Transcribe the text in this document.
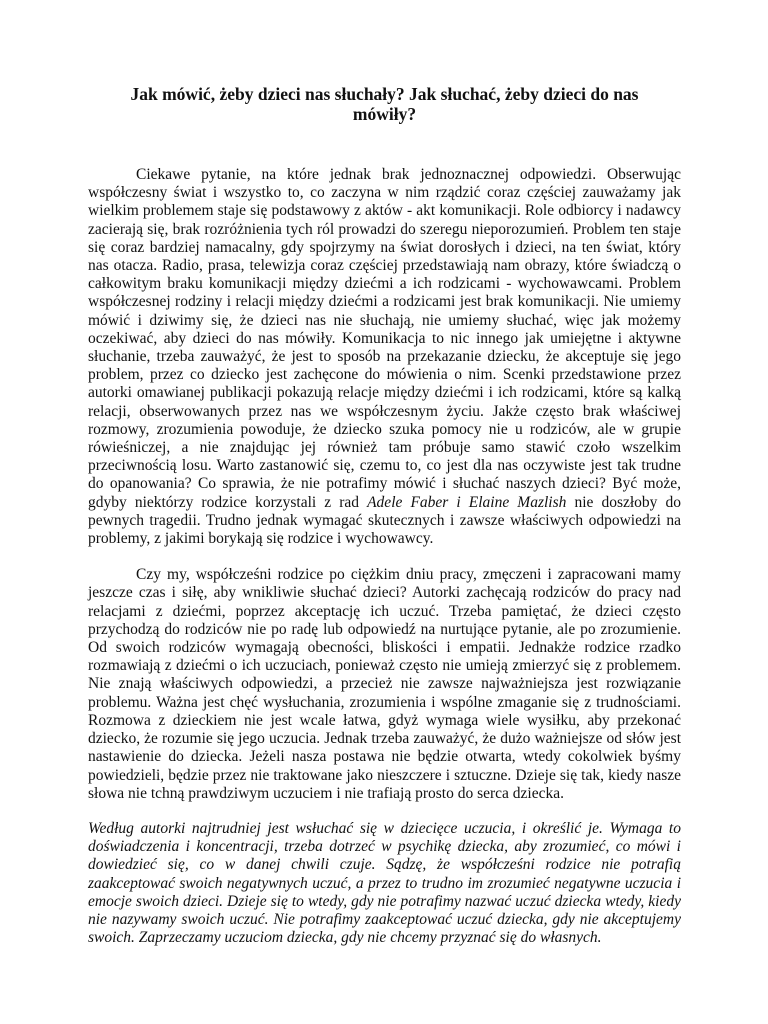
Jak mówić, żeby dzieci nas słuchały? Jak słuchać, żeby dzieci do nas mówiły?

Ciekawe pytanie, na które jednak brak jednoznacznej odpowiedzi. Obserwując współczesny świat i wszystko to, co zaczyna w nim rządzić coraz częściej zauważamy jak wielkim problemem staje się podstawowy z aktów - akt komunikacji. Role odbiorcy i nadawcy zacierają się, brak rozróżnienia tych ról prowadzi do szeregu nieporozumień. Problem ten staje się coraz bardziej namacalny, gdy spojrzymy na świat dorosłych i dzieci, na ten świat, który nas otacza. Radio, prasa, telewizja coraz częściej przedstawiają nam obrazy, które świadczą o całkowitym braku komunikacji między dziećmi a ich rodzicami - wychowawcami. Problem współczesnej rodziny i relacji między dziećmi a rodzicami jest brak komunikacji. Nie umiemy mówić i dziwimy się, że dzieci nas nie słuchają, nie umiemy słuchać, więc jak możemy oczekiwać, aby dzieci do nas mówiły. Komunikacja to nic innego jak umiejętne i aktywne słuchanie, trzeba zauważyć, że jest to sposób na przekazanie dziecku, że akceptuje się jego problem, przez co dziecko jest zachęcone do mówienia o nim. Scenki przedstawione przez autorki omawianej publikacji pokazują relacje między dziećmi i ich rodzicami, które są kalką relacji, obserwowanych przez nas we współczesnym życiu. Jakże często brak właściwej rozmowy, zrozumienia powoduje, że dziecko szuka pomocy nie u rodziców, ale w grupie rówieśniczej, a nie znajdując jej również tam próbuje samo stawić czoło wszelkim przeciwnością losu. Warto zastanowić się, czemu to, co jest dla nas oczywiste jest tak trudne do opanowania? Co sprawia, że nie potrafimy mówić i słuchać naszych dzieci? Być może, gdyby niektórzy rodzice korzystali z rad Adele Faber i Elaine Mazlish nie doszłoby do pewnych tragedii. Trudno jednak wymagać skutecznych i zawsze właściwych odpowiedzi na problemy, z jakimi borykają się rodzice i wychowawcy.

Czy my, współcześni rodzice po ciężkim dniu pracy, zmęczeni i zapracowani mamy jeszcze czas i siłę, aby wnikliwie słuchać dzieci? Autorki zachęcają rodziców do pracy nad relacjami z dziećmi, poprzez akceptację ich uczuć. Trzeba pamiętać, że dzieci często przychodzą do rodziców nie po radę lub odpowiedź na nurtujące pytanie, ale po zrozumienie. Od swoich rodziców wymagają obecności, bliskości i empatii. Jednakże rodzice rzadko rozmawiają z dziećmi o ich uczuciach, ponieważ często nie umieją zmierzyć się z problemem. Nie znają właściwych odpowiedzi, a przecież nie zawsze najważniejsza jest rozwiązanie problemu. Ważna jest chęć wysłuchania, zrozumienia i wspólne zmaganie się z trudnościami. Rozmowa z dzieckiem nie jest wcale łatwa, gdyż wymaga wiele wysiłku, aby przekonać dziecko, że rozumie się jego uczucia. Jednak trzeba zauważyć, że dużo ważniejsze od słów jest nastawienie do dziecka. Jeżeli nasza postawa nie będzie otwarta, wtedy cokolwiek byśmy powiedzieli, będzie przez nie traktowane jako nieszczere i sztuczne. Dzieje się tak, kiedy nasze słowa nie tchną prawdziwym uczuciem i nie trafiają prosto do serca dziecka.

Według autorki najtrudniej jest wsłuchać się w dziecięce uczucia, i określić je. Wymaga to doświadczenia i koncentracji, trzeba dotrzeć w psychikę dziecka, aby zrozumieć, co mówi i dowiedzieć się, co w danej chwili czuje. Sądzę, że współcześni rodzice nie potrafią zaakceptować swoich negatywnych uczuć, a przez to trudno im zrozumieć negatywne uczucia i emocje swoich dzieci. Dzieje się to wtedy, gdy nie potrafimy nazwać uczuć dziecka wtedy, kiedy nie nazywamy swoich uczuć. Nie potrafimy zaakceptować uczuć dziecka, gdy nie akceptujemy swoich. Zaprzeczamy uczuciom dziecka, gdy nie chcemy przyznać się do własnych.
